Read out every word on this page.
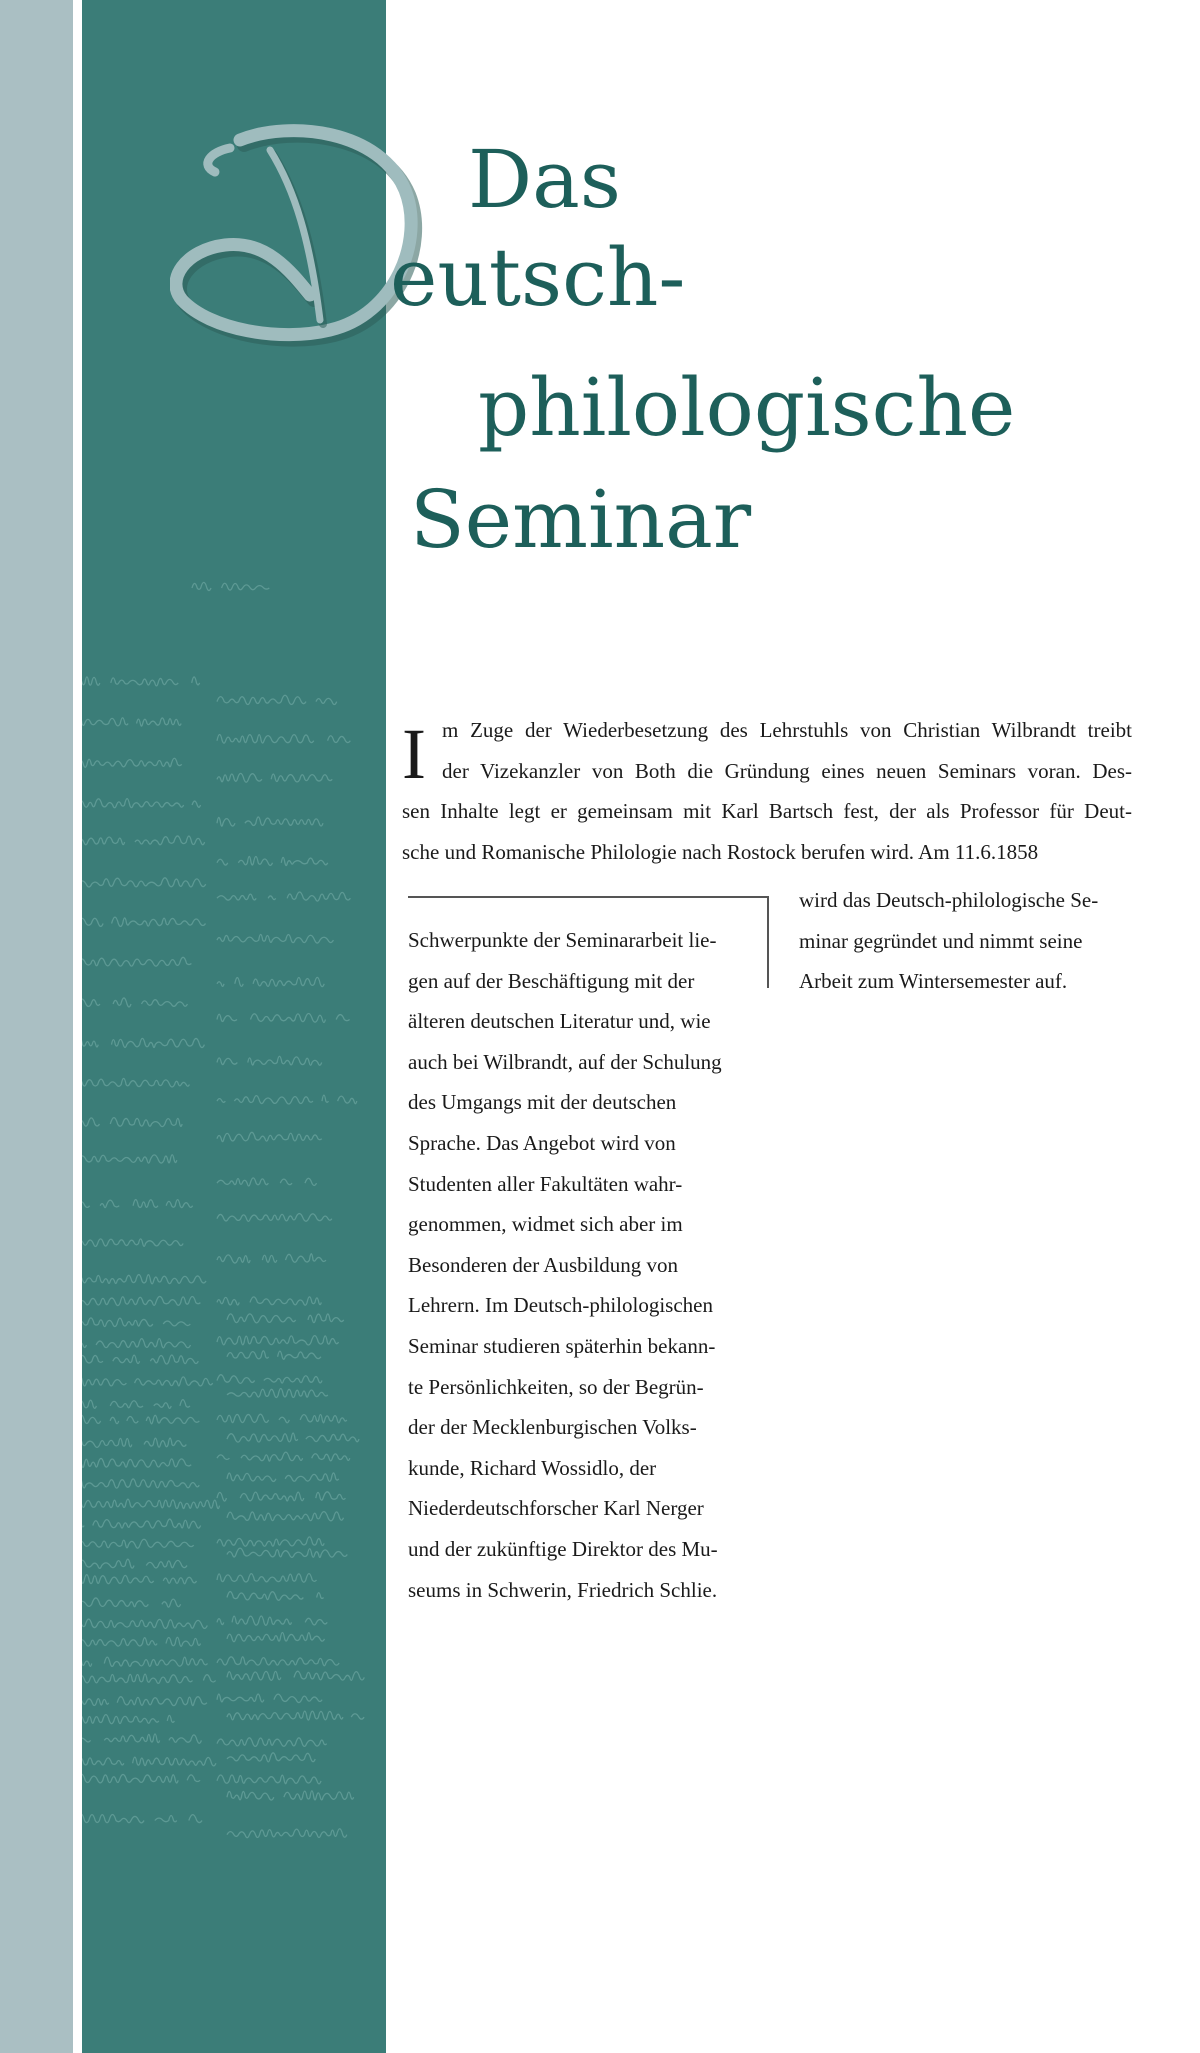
Das
eutsch-
philologische
Seminar
I m Zuge der Wiederbesetzung des Lehrstuhls von Christian Wilbrandt treibt
der Vizekanzler von Both die Gründung eines neuen Seminars voran. Des-
sen Inhalte legt er gemeinsam mit Karl Bartsch fest, der als Professor für Deut-
sche und Romanische Philologie nach Rostock berufen wird. Am 11.6.1858
wird das Deutsch-philologische Se-
minar gegründet und nimmt seine
Arbeit zum Wintersemester auf.
Schwerpunkte der Seminararbeit lie-
gen auf der Beschäftigung mit der
älteren deutschen Literatur und, wie
auch bei Wilbrandt, auf der Schulung
des Umgangs mit der deutschen
Sprache. Das Angebot wird von
Studenten aller Fakultäten wahr-
genommen, widmet sich aber im
Besonderen der Ausbildung von
Lehrern. Im Deutsch-philologischen
Seminar studieren späterhin bekann-
te Persönlichkeiten, so der Begrün-
der der Mecklenburgischen Volks-
kunde, Richard Wossidlo, der
Niederdeutschforscher Karl Nerger
und der zukünftige Direktor des Mu-
seums in Schwerin, Friedrich Schlie.
